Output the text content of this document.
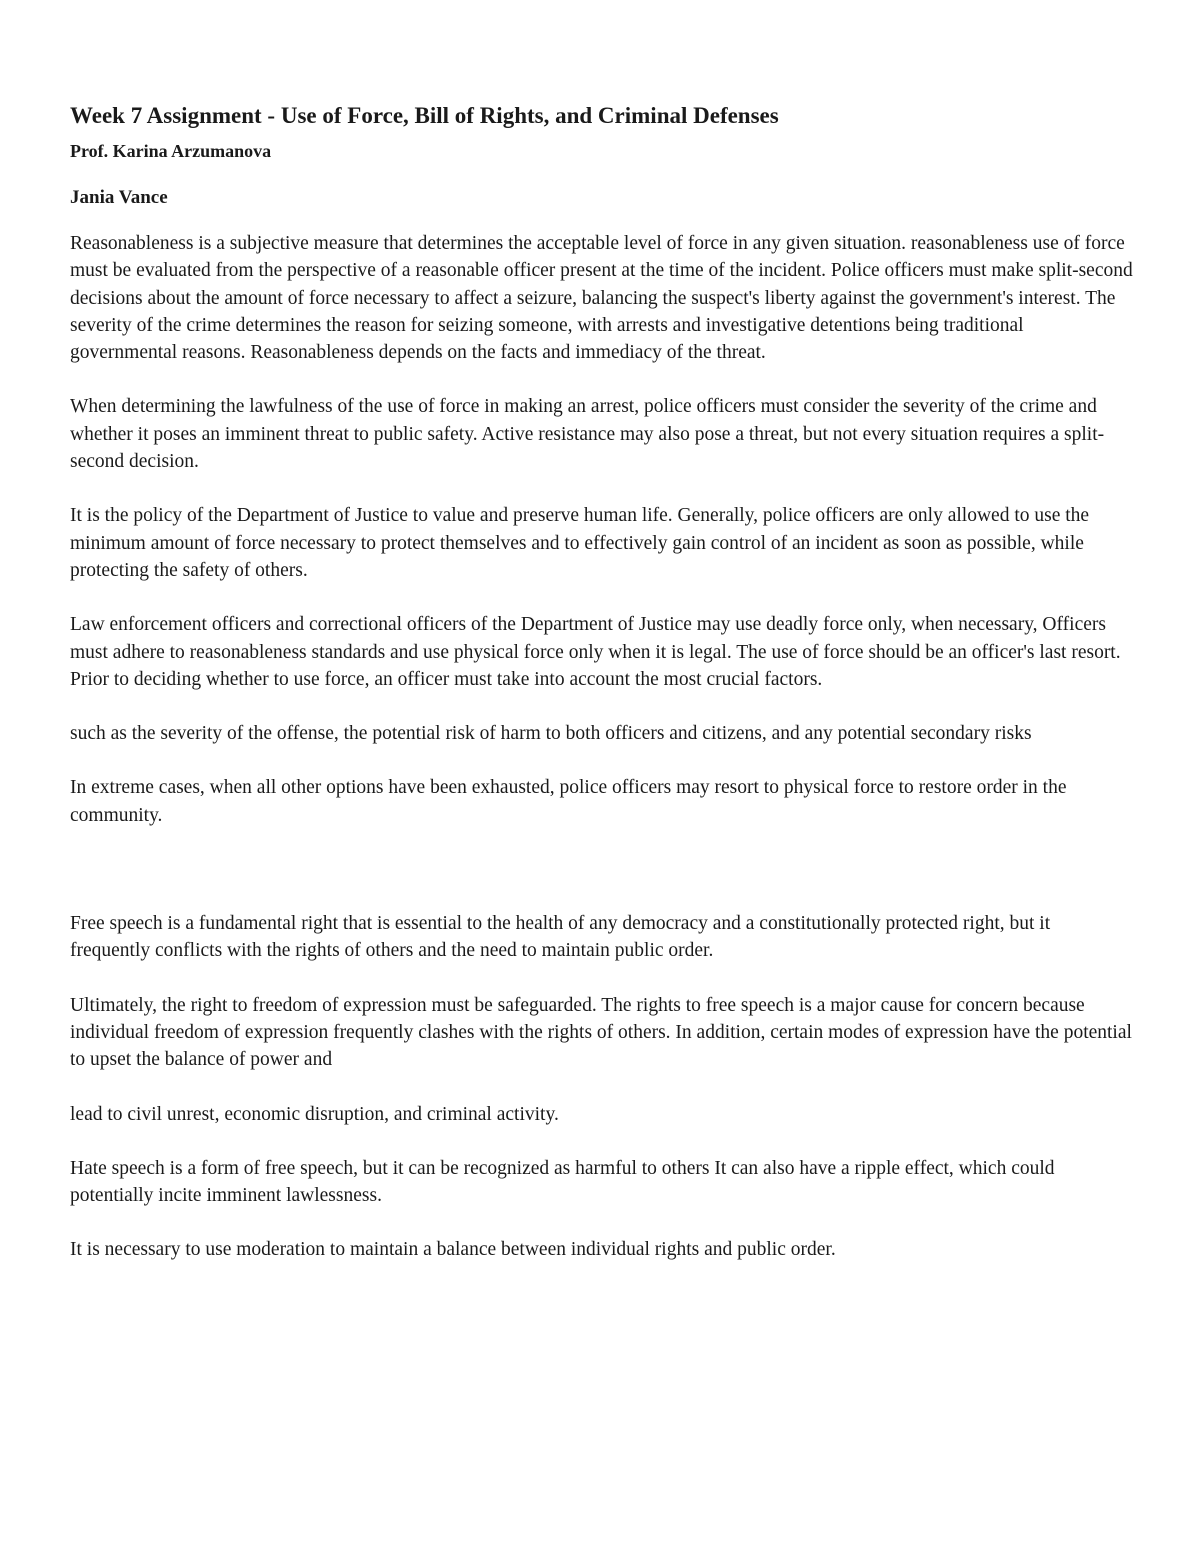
Week 7 Assignment - Use of Force, Bill of Rights, and Criminal Defenses
Prof. Karina Arzumanova
Jania Vance

Reasonableness is a subjective measure that determines the acceptable level of force in any given situation. reasonableness use of force must be evaluated from the perspective of a reasonable officer present at the time of the incident. Police officers must make split-second decisions about the amount of force necessary to affect a seizure, balancing the suspect's liberty against the government's interest. The severity of the crime determines the reason for seizing someone, with arrests and investigative detentions being traditional governmental reasons. Reasonableness depends on the facts and immediacy of the threat.

When determining the lawfulness of the use of force in making an arrest, police officers must consider the severity of the crime and whether it poses an imminent threat to public safety. Active resistance may also pose a threat, but not every situation requires a split-second decision.

It is the policy of the Department of Justice to value and preserve human life. Generally, police officers are only allowed to use the minimum amount of force necessary to protect themselves and to effectively gain control of an incident as soon as possible, while protecting the safety of others.

Law enforcement officers and correctional officers of the Department of Justice may use deadly force only, when necessary, Officers must adhere to reasonableness standards and use physical force only when it is legal. The use of force should be an officer's last resort. Prior to deciding whether to use force, an officer must take into account the most crucial factors.

such as the severity of the offense, the potential risk of harm to both officers and citizens, and any potential secondary risks

In extreme cases, when all other options have been exhausted, police officers may resort to physical force to restore order in the community.

Free speech is a fundamental right that is essential to the health of any democracy and a constitutionally protected right, but it frequently conflicts with the rights of others and the need to maintain public order.

Ultimately, the right to freedom of expression must be safeguarded. The rights to free speech is a major cause for concern because individual freedom of expression frequently clashes with the rights of others. In addition, certain modes of expression have the potential to upset the balance of power and

lead to civil unrest, economic disruption, and criminal activity.

Hate speech is a form of free speech, but it can be recognized as harmful to others It can also have a ripple effect, which could potentially incite imminent lawlessness.

It is necessary to use moderation to maintain a balance between individual rights and public order.
